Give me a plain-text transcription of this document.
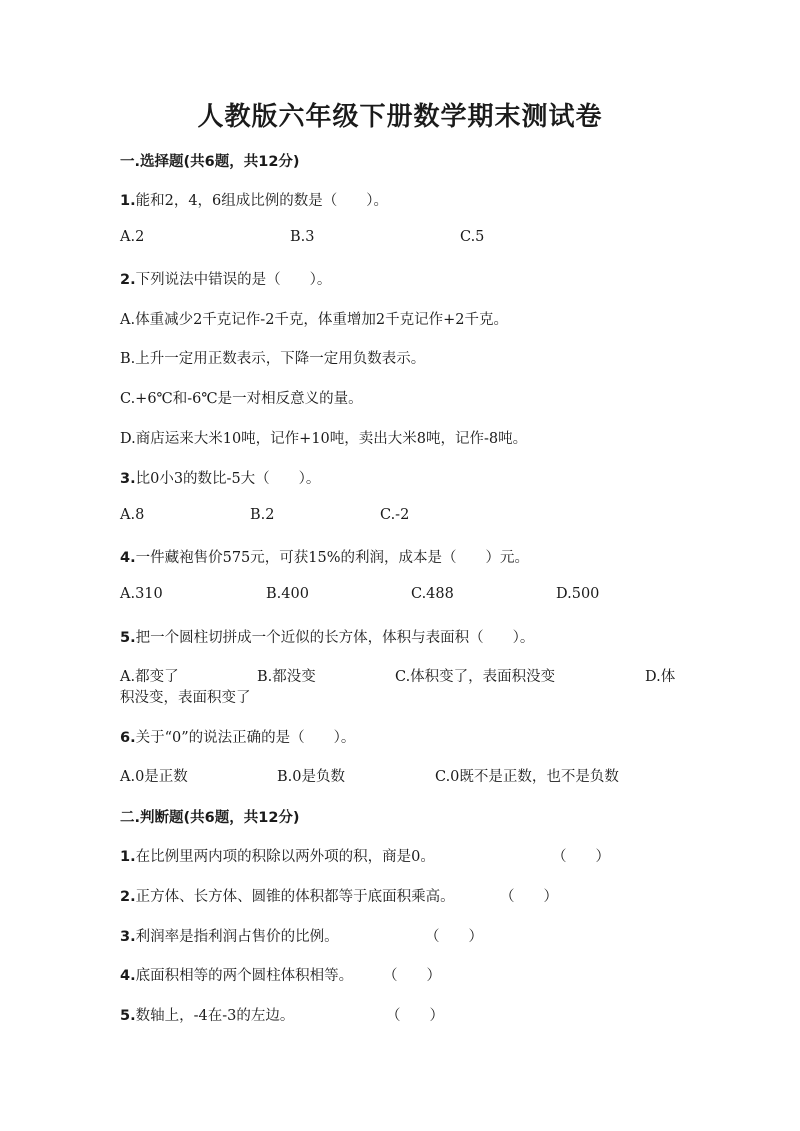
人教版六年级下册数学期末测试卷
一.选择题(共6题，共12分)
1.能和2，4，6组成比例的数是（　　）。
A.2	B.3	C.5
2.下列说法中错误的是（　　）。
A.体重减少2千克记作-2千克，体重增加2千克记作+2千克。
B.上升一定用正数表示，下降一定用负数表示。
C.+6℃和-6℃是一对相反意义的量。
D.商店运来大米10吨，记作+10吨，卖出大米8吨，记作-8吨。
3.比0小3的数比-5大（　　）。
A.8	B.2	C.-2
4.一件藏袍售价575元，可获15%的利润，成本是（　　）元。
A.310	B.400	C.488	D.500
5.把一个圆柱切拼成一个近似的长方体，体积与表面积（　　）。
A.都变了	B.都没变	C.体积变了，表面积没变	D.体
积没变，表面积变了
6.关于“0”的说法正确的是（　　）。
A.0是正数	B.0是负数	C.0既不是正数，也不是负数
二.判断题(共6题，共12分)
1.在比例里两内项的积除以两外项的积，商是0。	（　　）
2.正方体、长方体、圆锥的体积都等于底面积乘高。	（　　）
3.利润率是指利润占售价的比例。	（　　）
4.底面积相等的两个圆柱体积相等。 （　　）
5.数轴上，-4在-3的左边。	（　　）
